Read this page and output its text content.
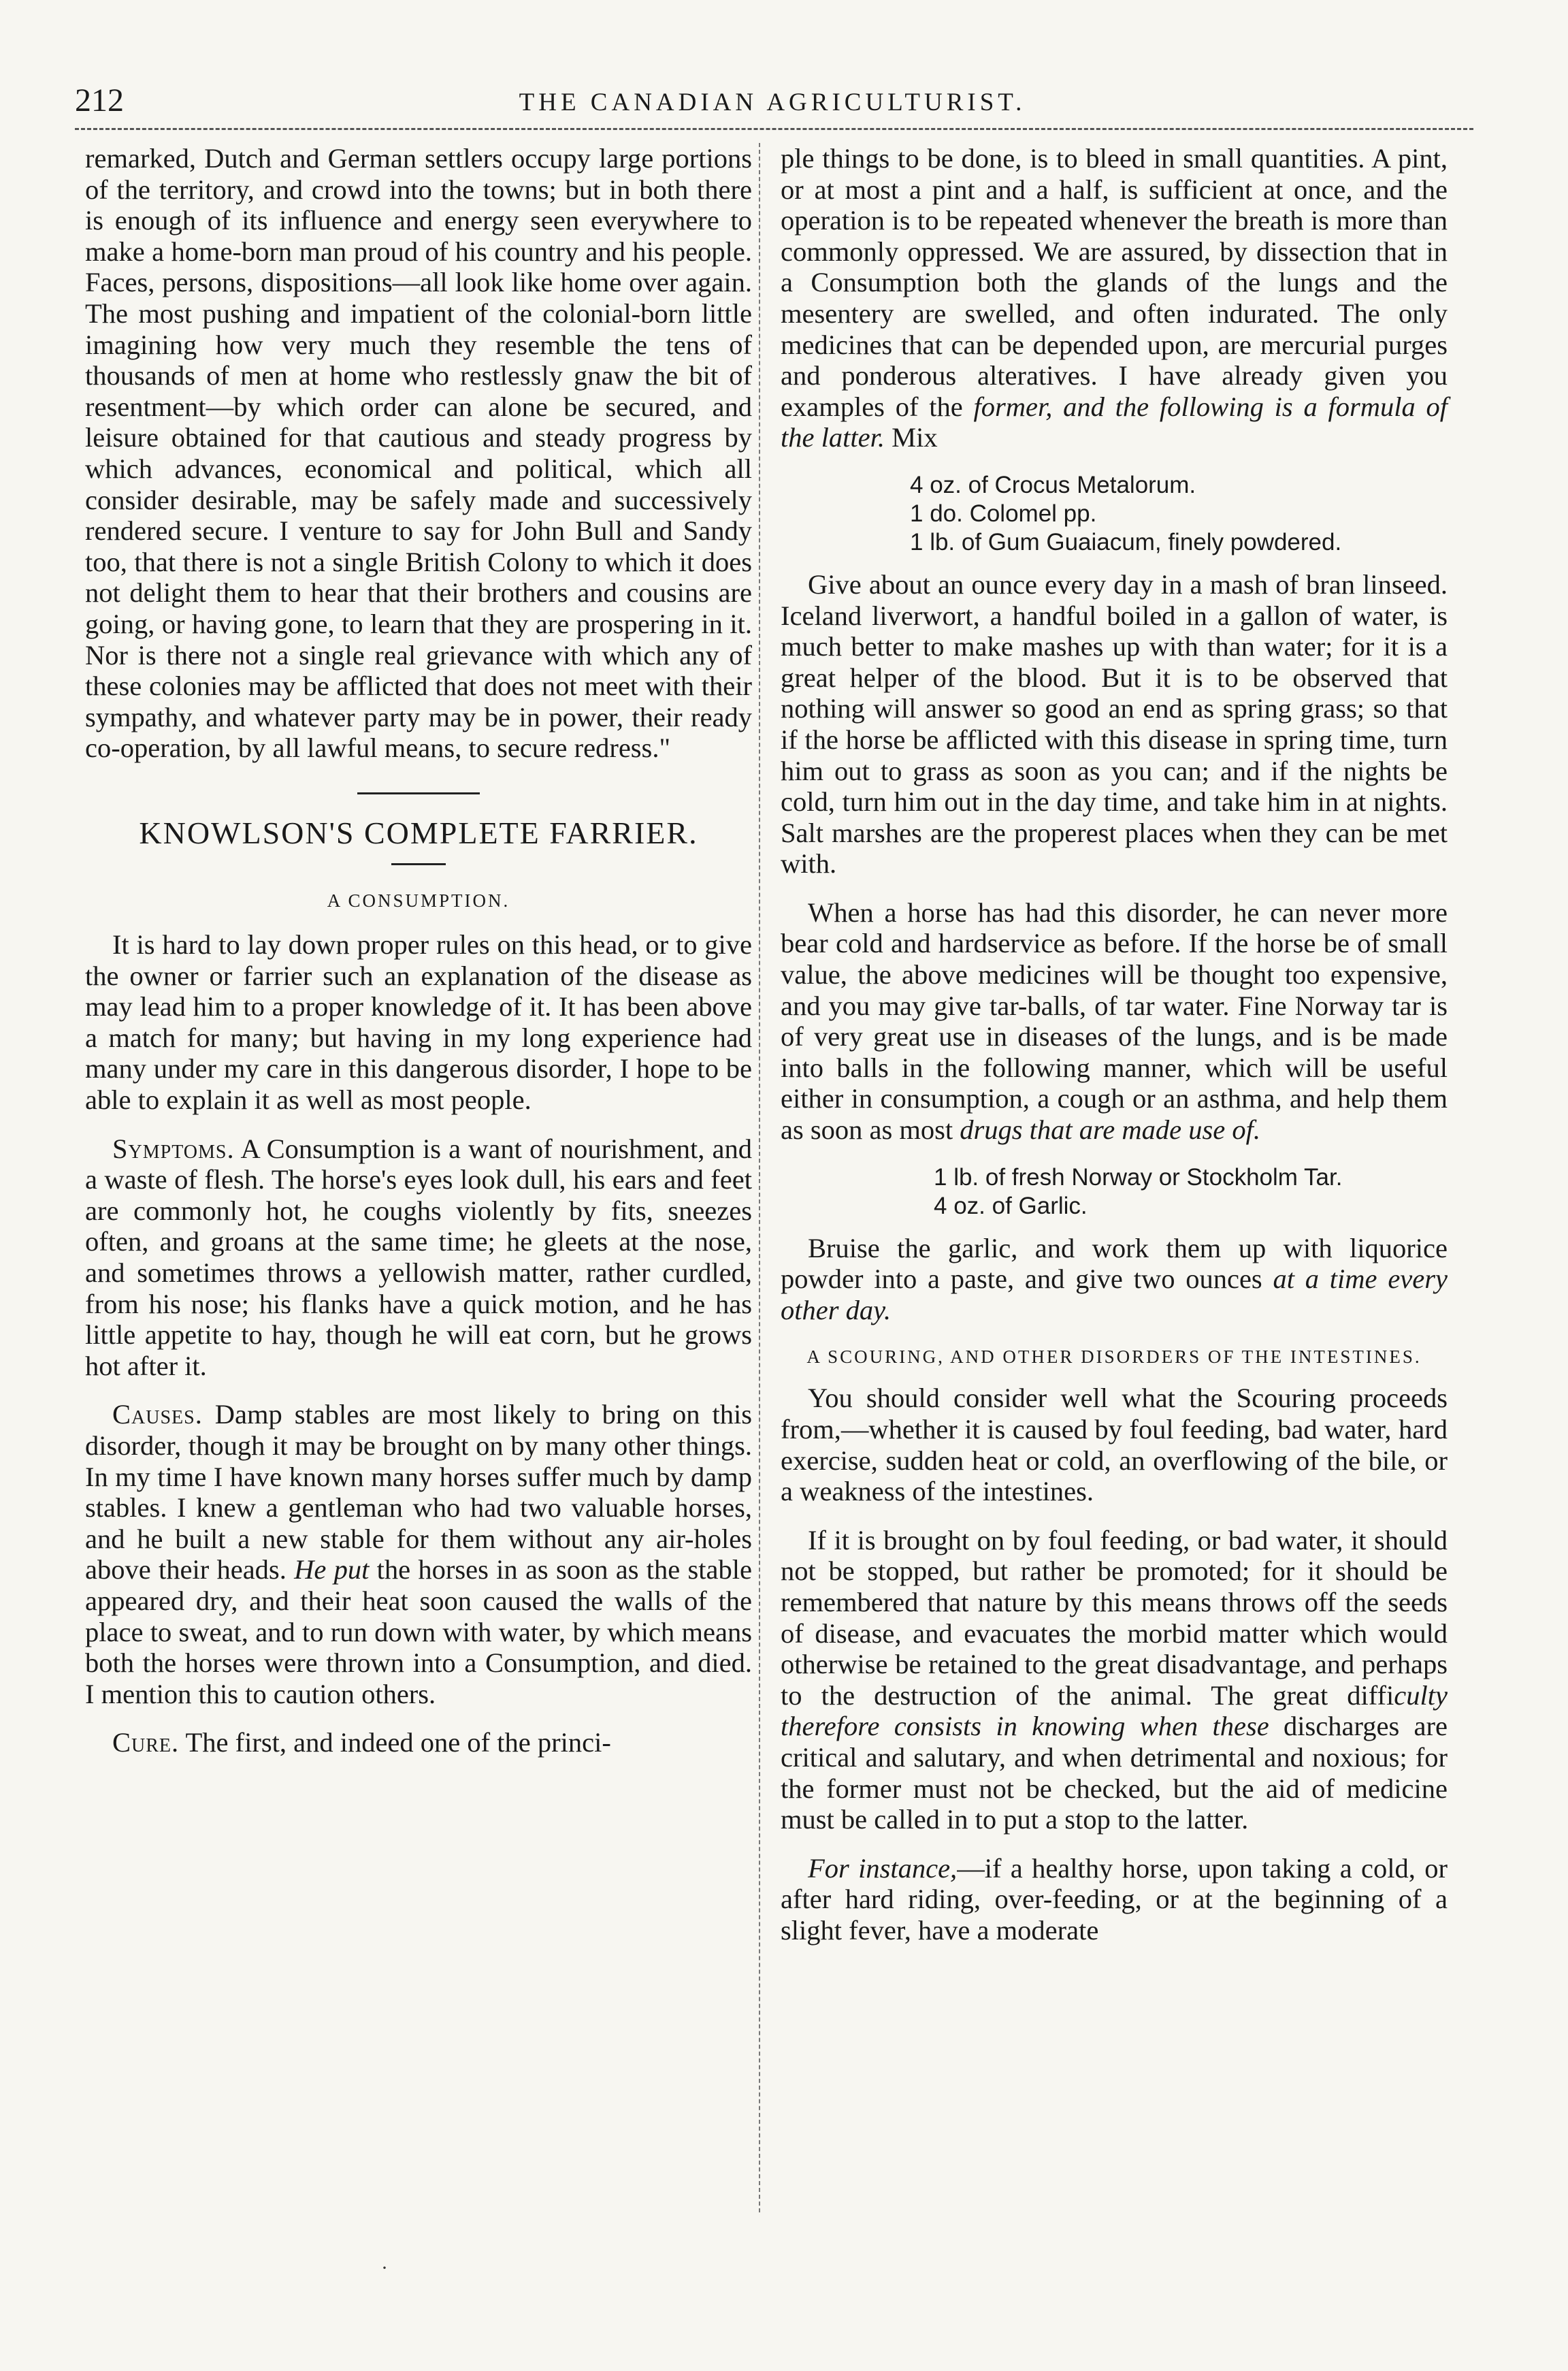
212	THE CANADIAN AGRICULTURIST.

remarked, Dutch and German settlers occupy large portions of the territory, and crowd into the towns; but in both there is enough of its influence and energy seen everywhere to make a home-born man proud of his country and his people. Faces, persons, dispositions—all look like home over again. The most pushing and impatient of the colonial-born little imagining how very much they resemble the tens of thousands of men at home who restlessly gnaw the bit of resentment—by which order can alone be secured, and leisure obtained for that cautious and steady progress by which advances, economical and political, which all consider desirable, may be safely made and successively rendered secure. I venture to say for John Bull and Sandy too, that there is not a single British Colony to which it does not delight them to hear that their brothers and cousins are going, or having gone, to learn that they are prospering in it. Nor is there not a single real grievance with which any of these colonies may be afflicted that does not meet with their sympathy, and whatever party may be in power, their ready co-operation, by all lawful means, to secure redress."

KNOWLSON'S COMPLETE FARRIER.
A CONSUMPTION.

It is hard to lay down proper rules on this head, or to give the owner or farrier such an explanation of the disease as may lead him to a proper knowledge of it. It has been above a match for many; but having in my long experience had many under my care in this dangerous disorder, I hope to be able to explain it as well as most people.

Symptoms. A Consumption is a want of nourishment, and a waste of flesh. The horse's eyes look dull, his ears and feet are commonly hot, he coughs violently by fits, sneezes often, and groans at the same time; he gleets at the nose, and sometimes throws a yellowish matter, rather curdled, from his nose; his flanks have a quick motion, and he has little appetite to hay, though he will eat corn, but he grows hot after it.

Causes. Damp stables are most likely to bring on this disorder, though it may be brought on by many other things. In my time I have known many horses suffer much by damp stables. I knew a gentleman who had two valuable horses, and he built a new stable for them without any air-holes above their heads. He put the horses in as soon as the stable appeared dry, and their heat soon caused the walls of the place to sweat, and to run down with water, by which means both the horses were thrown into a Consumption, and died. I mention this to caution others.

Cure. The first, and indeed one of the princi-

ple things to be done, is to bleed in small quantities. A pint, or at most a pint and a half, is sufficient at once, and the operation is to be repeated whenever the breath is more than commonly oppressed. We are assured, by dissection that in a Consumption both the glands of the lungs and the mesentery are swelled, and often indurated. The only medicines that can be depended upon, are mercurial purges and ponderous alteratives. I have already given you examples of the former, and the following is a formula of the latter. Mix

4 oz. of Crocus Metalorum.
1 do. Colomel pp.
1 lb. of Gum Guaiacum, finely powdered.

Give about an ounce every day in a mash of bran linseed. Iceland liverwort, a handful boiled in a gallon of water, is much better to make mashes up with than water; for it is a great helper of the blood. But it is to be observed that nothing will answer so good an end as spring grass; so that if the horse be afflicted with this disease in spring time, turn him out to grass as soon as you can; and if the nights be cold, turn him out in the day time, and take him in at nights. Salt marshes are the properest places when they can be met with.

When a horse has had this disorder, he can never more bear cold and hardservice as before. If the horse be of small value, the above medicines will be thought too expensive, and you may give tar-balls, of tar water. Fine Norway tar is of very great use in diseases of the lungs, and is be made into balls in the following manner, which will be useful either in consumption, a cough or an asthma, and help them as soon as most drugs that are made use of.

1 lb. of fresh Norway or Stockholm Tar.
4 oz. of Garlic.

Bruise the garlic, and work them up with liquorice powder into a paste, and give two ounces at a time every other day.

A SCOURING, AND OTHER DISORDERS OF THE INTESTINES.

You should consider well what the Scouring proceeds from,—whether it is caused by foul feeding, bad water, hard exercise, sudden heat or cold, an overflowing of the bile, or a weakness of the intestines.

If it is brought on by foul feeding, or bad water, it should not be stopped, but rather be promoted; for it should be remembered that nature by this means throws off the seeds of disease, and evacuates the morbid matter which would otherwise be retained to the great disadvantage, and perhaps to the destruction of the animal. The great difficulty therefore consists in knowing when these discharges are critical and salutary, and when detrimental and noxious; for the former must not be checked, but the aid of medicine must be called in to put a stop to the latter.

For instance,—if a healthy horse, upon taking a cold, or after hard riding, over-feeding, or at the beginning of a slight fever, have a moderate

·
